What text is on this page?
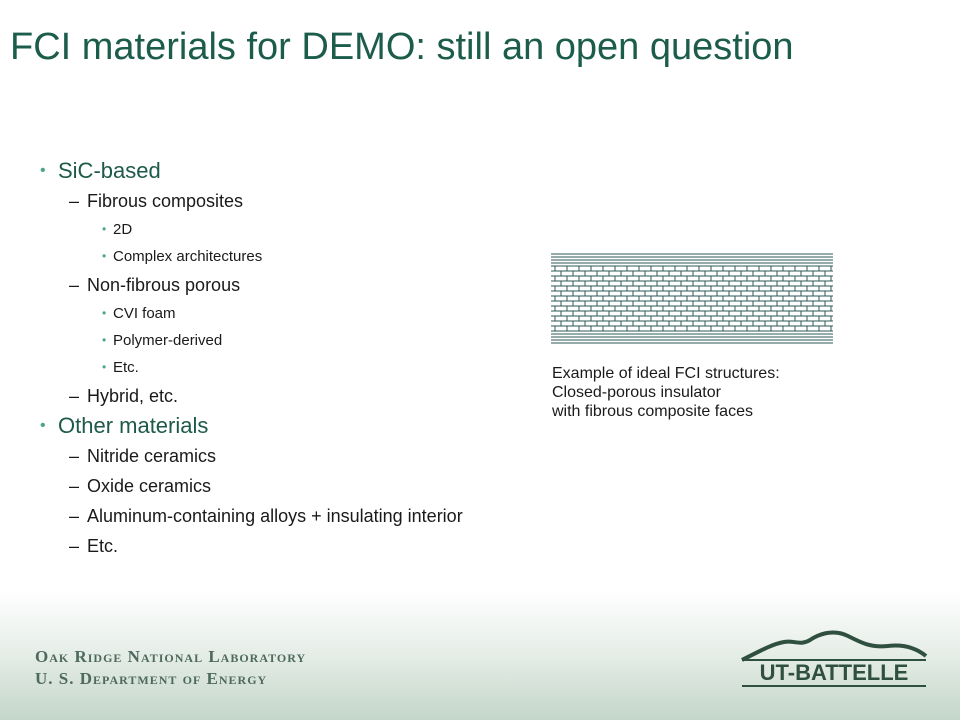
FCI materials for DEMO: still an open question
• SiC-based
– Fibrous composites
• 2D
• Complex architectures
– Non-fibrous porous
• CVI foam
• Polymer-derived
• Etc.
– Hybrid, etc.
• Other materials
– Nitride ceramics
– Oxide ceramics
– Aluminum-containing alloys + insulating interior
– Etc.
Example of ideal FCI structures:
Closed-porous insulator
with fibrous composite faces
Oak Ridge National Laboratory
U. S. Department of Energy	UT-BATTELLE
